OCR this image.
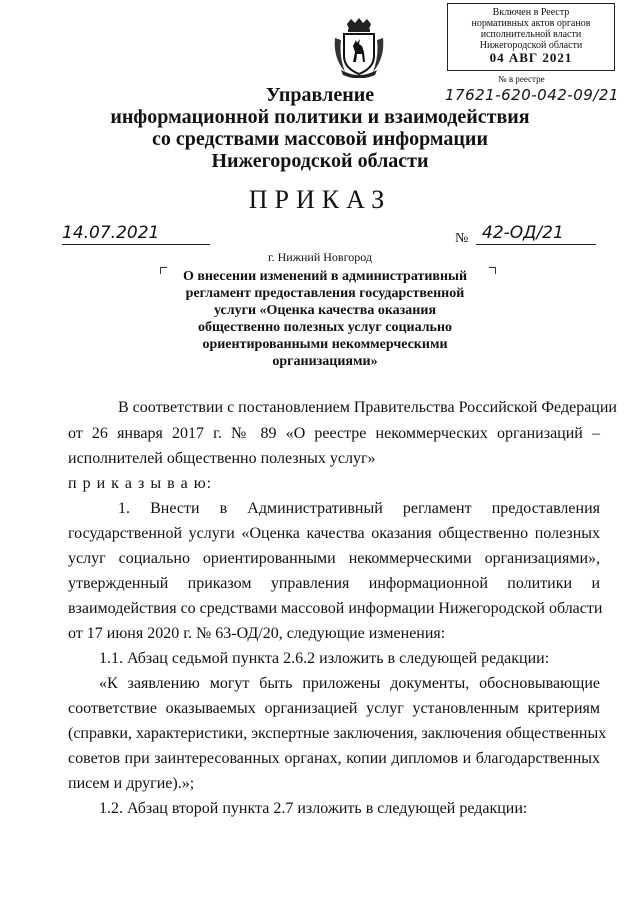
Включен в Реестр
нормативных актов органов
исполнительной власти
Нижегородской области
04 АВГ 2021
№ в реестре
17621-620-042-09/21
Управление
информационной политики и взаимодействия
со средствами массовой информации
Нижегородской области
ПРИКАЗ
14.07.2021	№ 42-ОД/21
г. Нижний Новгород
О внесении изменений в административный
регламент предоставления государственной
услуги «Оценка качества оказания
общественно полезных услуг социально
ориентированными некоммерческими
организациями»
В соответствии с постановлением Правительства Российской Федерации
от 26 января 2017 г. № 89 «О реестре некоммерческих организаций –
исполнителей общественно полезных услуг»
п р и к а з ы в а ю:
1. Внести в Административный регламент предоставления
государственной услуги «Оценка качества оказания общественно полезных
услуг социально ориентированными некоммерческими организациями»,
утвержденный приказом управления информационной политики и
взаимодействия со средствами массовой информации Нижегородской области
от 17 июня 2020 г. № 63-ОД/20, следующие изменения:
1.1. Абзац седьмой пункта 2.6.2 изложить в следующей редакции:
«К заявлению могут быть приложены документы, обосновывающие
соответствие оказываемых организацией услуг установленным критериям
(справки, характеристики, экспертные заключения, заключения общественных
советов при заинтересованных органах, копии дипломов и благодарственных
писем и другие).»;
1.2. Абзац второй пункта 2.7 изложить в следующей редакции:
